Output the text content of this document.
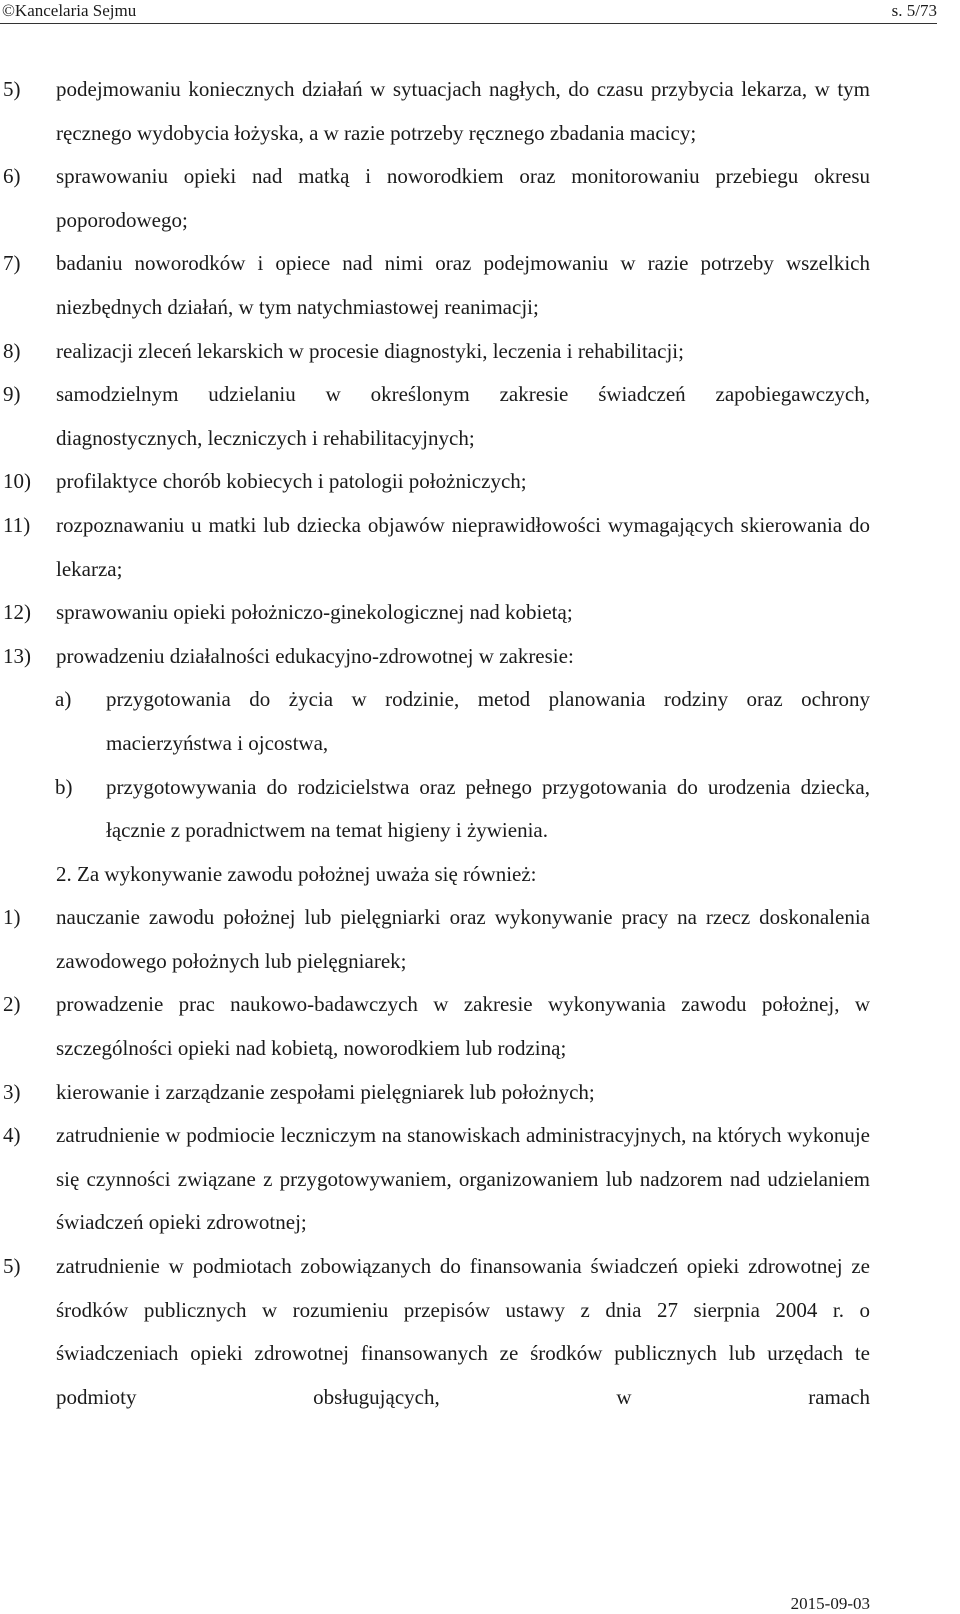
©Kancelaria Sejmu	s. 5/73
5) podejmowaniu koniecznych działań w sytuacjach nagłych, do czasu przybycia lekarza, w tym ręcznego wydobycia łożyska, a w razie potrzeby ręcznego zbadania macicy;
6) sprawowaniu opieki nad matką i noworodkiem oraz monitorowaniu przebiegu okresu poporodowego;
7) badaniu noworodków i opiece nad nimi oraz podejmowaniu w razie potrzeby wszelkich niezbędnych działań, w tym natychmiastowej reanimacji;
8) realizacji zleceń lekarskich w procesie diagnostyki, leczenia i rehabilitacji;
9) samodzielnym udzielaniu w określonym zakresie świadczeń zapobiegawczych, diagnostycznych, leczniczych i rehabilitacyjnych;
10) profilaktyce chorób kobiecych i patologii położniczych;
11) rozpoznawaniu u matki lub dziecka objawów nieprawidłowości wymagających skierowania do lekarza;
12) sprawowaniu opieki położniczo-ginekologicznej nad kobietą;
13) prowadzeniu działalności edukacyjno-zdrowotnej w zakresie:
a) przygotowania do życia w rodzinie, metod planowania rodziny oraz ochrony macierzyństwa i ojcostwa,
b) przygotowywania do rodzicielstwa oraz pełnego przygotowania do urodzenia dziecka, łącznie z poradnictwem na temat higieny i żywienia.
2. Za wykonywanie zawodu położnej uważa się również:
1) nauczanie zawodu położnej lub pielęgniarki oraz wykonywanie pracy na rzecz doskonalenia zawodowego położnych lub pielęgniarek;
2) prowadzenie prac naukowo-badawczych w zakresie wykonywania zawodu położnej, w szczególności opieki nad kobietą, noworodkiem lub rodziną;
3) kierowanie i zarządzanie zespołami pielęgniarek lub położnych;
4) zatrudnienie w podmiocie leczniczym na stanowiskach administracyjnych, na których wykonuje się czynności związane z przygotowywaniem, organizowaniem lub nadzorem nad udzielaniem świadczeń opieki zdrowotnej;
5) zatrudnienie w podmiotach zobowiązanych do finansowania świadczeń opieki zdrowotnej ze środków publicznych w rozumieniu przepisów ustawy z dnia 27 sierpnia 2004 r. o świadczeniach opieki zdrowotnej finansowanych ze środków publicznych lub urzędach te podmioty obsługujących, w ramach
2015-09-03
